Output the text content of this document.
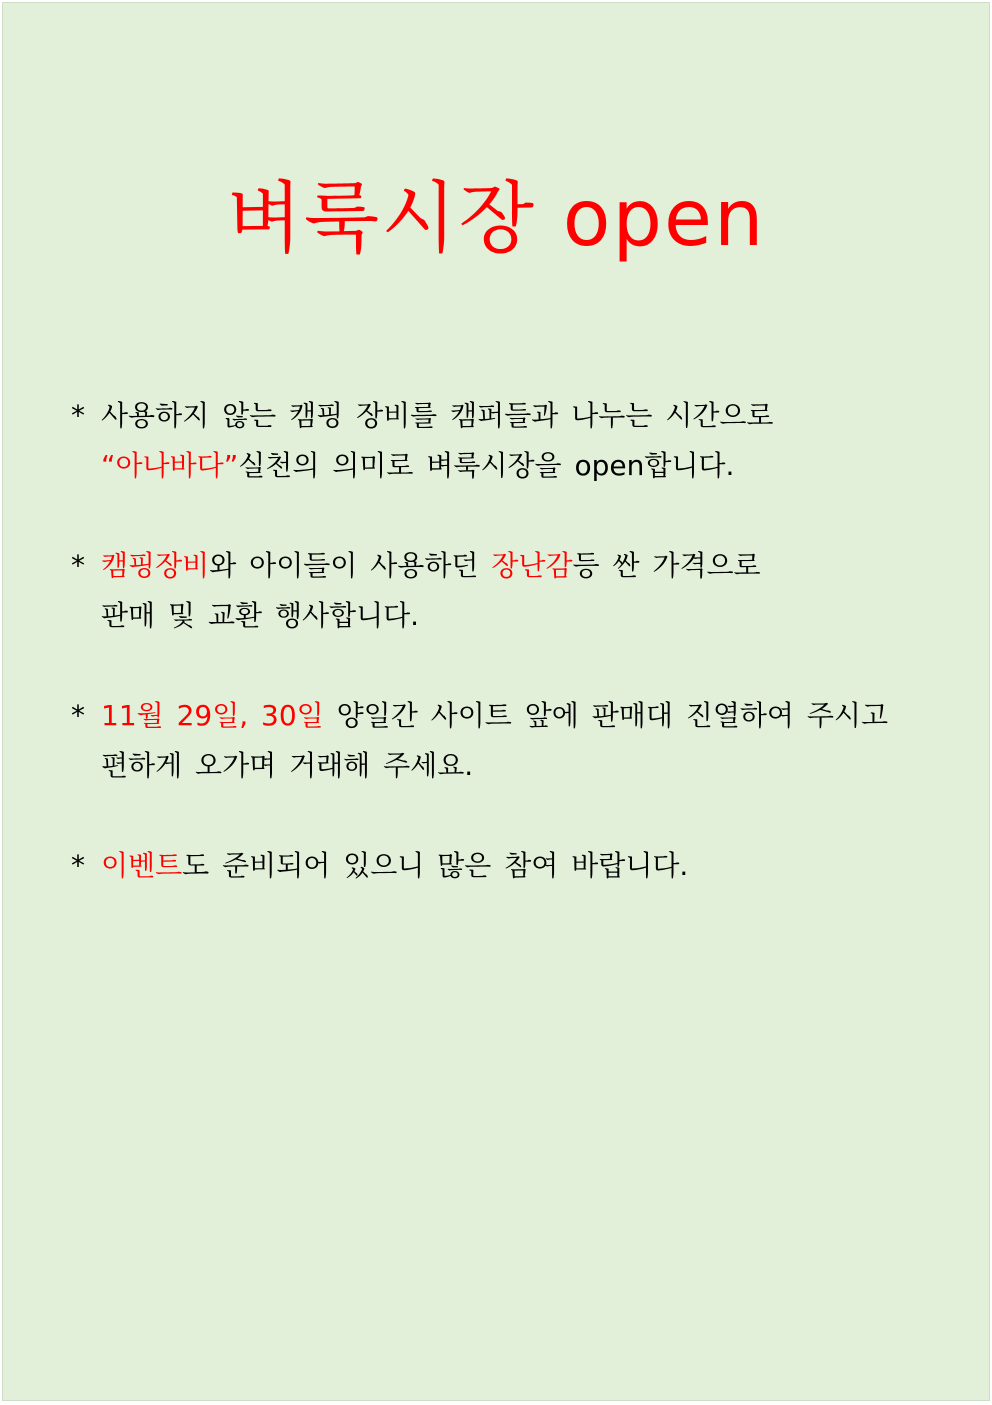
벼룩시장 open
* 사용하지 않는 캠핑 장비를 캠퍼들과 나누는 시간으로
“아나바다”실천의 의미로 벼룩시장을 open합니다.
* 캠핑장비와 아이들이 사용하던 장난감등 싼 가격으로
판매 및 교환 행사합니다.
* 11월 29일, 30일 양일간 사이트 앞에 판매대 진열하여 주시고
편하게 오가며 거래해 주세요.
* 이벤트도 준비되어 있으니 많은 참여 바랍니다.
